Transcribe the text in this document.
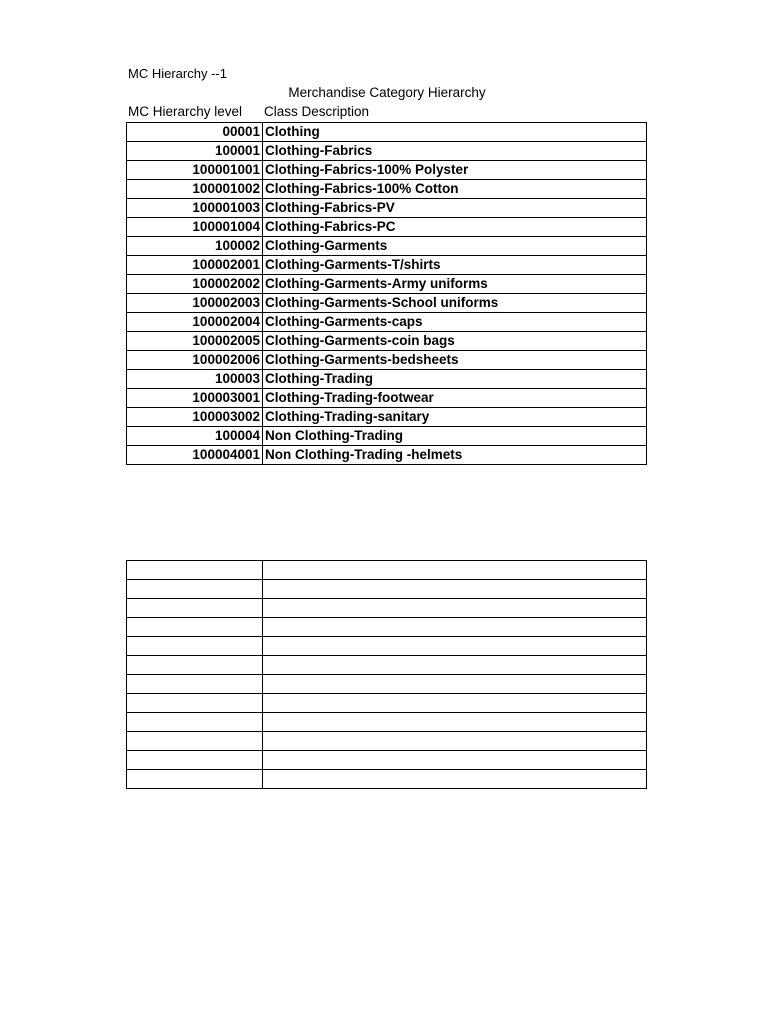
MC Hierarchy --1
Merchandise Category Hierarchy
MC Hierarchy level Class Description
00001	Clothing
100001	Clothing-Fabrics
100001001	Clothing-Fabrics-100% Polyster
100001002	Clothing-Fabrics-100% Cotton
100001003	Clothing-Fabrics-PV
100001004	Clothing-Fabrics-PC
100002	Clothing-Garments
100002001	Clothing-Garments-T/shirts
100002002	Clothing-Garments-Army uniforms
100002003	Clothing-Garments-School uniforms
100002004	Clothing-Garments-caps
100002005	Clothing-Garments-coin bags
100002006	Clothing-Garments-bedsheets
100003	Clothing-Trading
100003001	Clothing-Trading-footwear
100003002	Clothing-Trading-sanitary
100004	Non Clothing-Trading
100004001	Non Clothing-Trading -helmets
